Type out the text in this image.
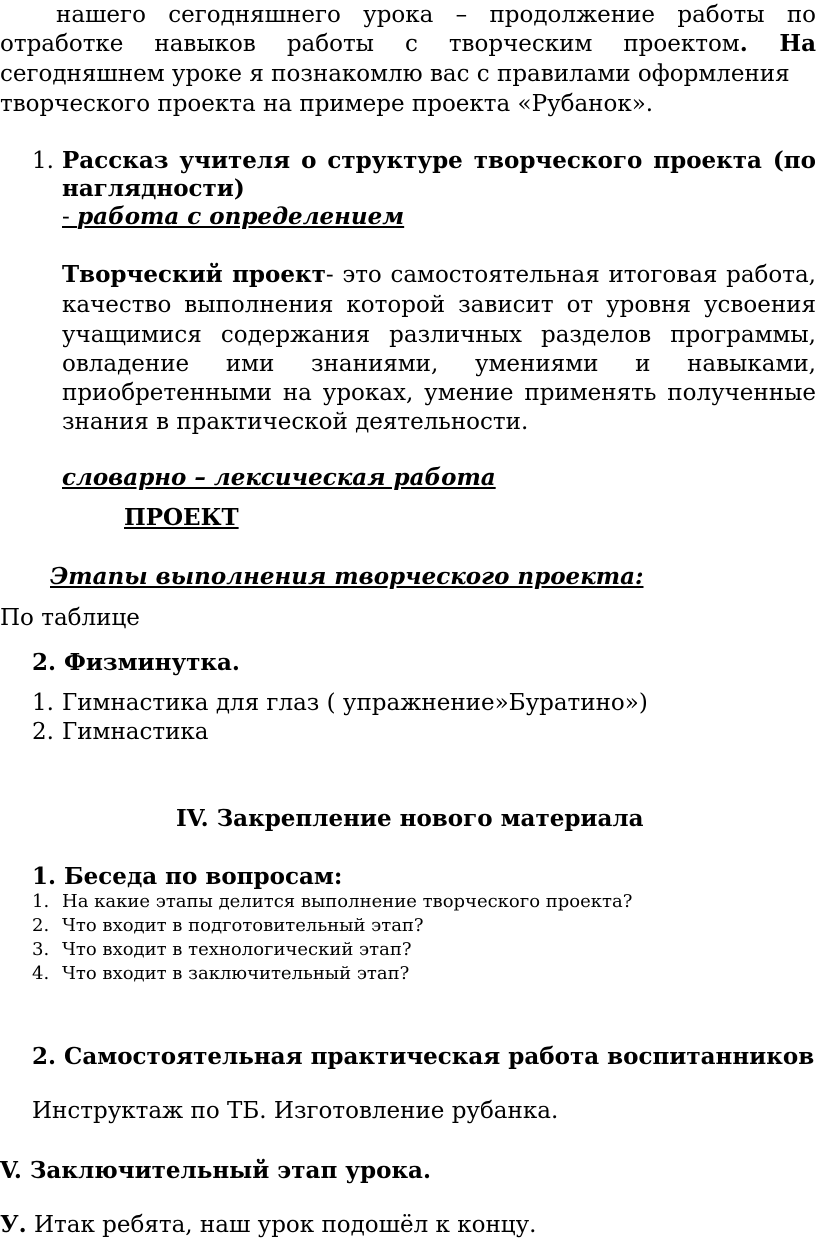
нашего сегодняшнего урока – продолжение работы по
отработке навыков работы с творческим проектом. На
сегодняшнем уроке я познакомлю вас с правилами оформления
творческого проекта на примере проекта «Рубанок».
1. Рассказ учителя о структуре творческого проекта (по
наглядности)
- работа с определением
Творческий проект- это самостоятельная итоговая работа,
качество выполнения которой зависит от уровня усвоения
учащимися содержания различных разделов программы,
овладение ими знаниями, умениями и навыками,
приобретенными на уроках, умение применять полученные
знания в практической деятельности.
словарно – лексическая работа
ПРОЕКТ
Этапы выполнения творческого проекта:
По таблице
2. Физминутка.
1. Гимнастика для глаз ( упражнение»Буратино»)
2. Гимнастика
IV. Закрепление нового материала
1. Беседа по вопросам:
1. На какие этапы делится выполнение творческого проекта?
2. Что входит в подготовительный этап?
3. Что входит в технологический этап?
4. Что входит в заключительный этап?
2. Самостоятельная практическая работа воспитанников
Инструктаж по ТБ. Изготовление рубанка.
V. Заключительный этап урока.
У. Итак ребята, наш урок подошёл к концу.
